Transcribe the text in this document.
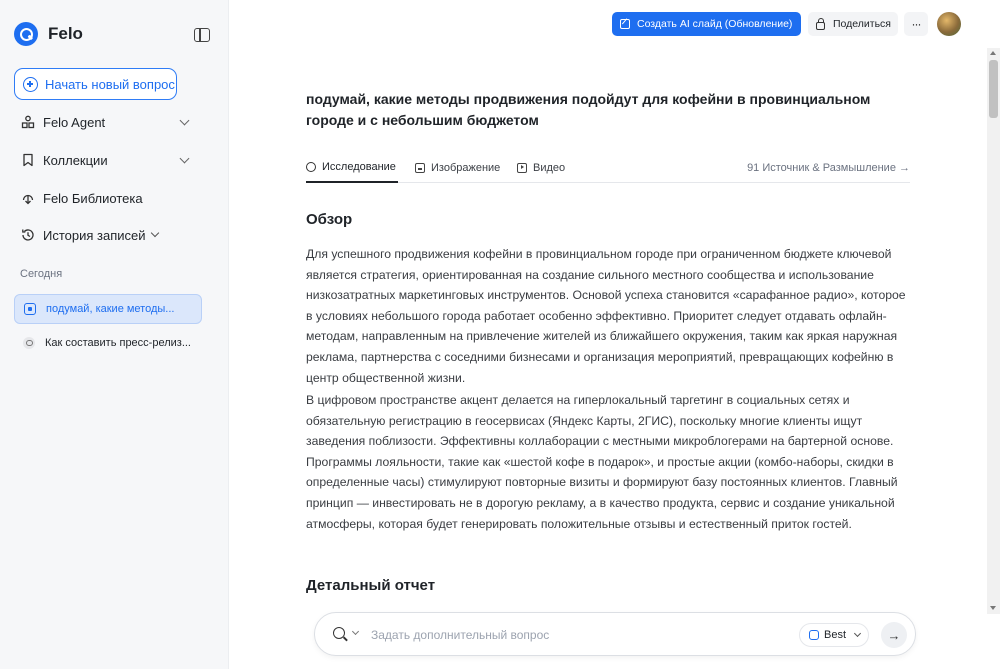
Felo
Начать новый вопрос
Felo Agent
Коллекции
Felo Библиотека
История записей
Сегодня
подумай, какие методы...
Как составить пресс-релиз...
Создать AI слайд (Обновление)	Поделиться	···
подумай, какие методы продвижения подойдут для кофейни в провинциальном городе и с небольшим бюджетом
Исследование	Изображение	Видео	91 Источник & Размышление →
Обзор
Для успешного продвижения кофейни в провинциальном городе при ограниченном бюджете ключевой является стратегия, ориентированная на создание сильного местного сообщества и использование низкозатратных маркетинговых инструментов. Основой успеха становится «сарафанное радио», которое в условиях небольшого города работает особенно эффективно. Приоритет следует отдавать офлайн-методам, направленным на привлечение жителей из ближайшего окружения, таким как яркая наружная реклама, партнерства с соседними бизнесами и организация мероприятий, превращающих кофейню в центр общественной жизни.
В цифровом пространстве акцент делается на гиперлокальный таргетинг в социальных сетях и обязательную регистрацию в геосервисах (Яндекс Карты, 2ГИС), поскольку многие клиенты ищут заведения поблизости. Эффективны коллаборации с местными микроблогерами на бартерной основе. Программы лояльности, такие как «шестой кофе в подарок», и простые акции (комбо-наборы, скидки в определенные часы) стимулируют повторные визиты и формируют базу постоянных клиентов. Главный принцип — инвестировать не в дорогую рекламу, а в качество продукта, сервис и создание уникальной атмосферы, которая будет генерировать положительные отзывы и естественный приток гостей.
Детальный отчет
Задать дополнительный вопрос
Best	→
